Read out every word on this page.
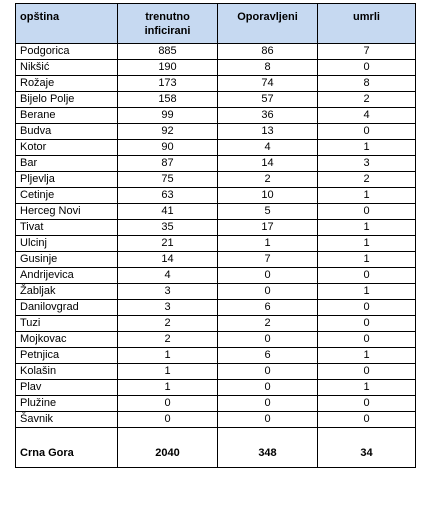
opština	trenutno inficirani	Oporavljeni	umrli
Podgorica	885	86	7
Nikšić	190	8	0
Rožaje	173	74	8
Bijelo Polje	158	57	2
Berane	99	36	4
Budva	92	13	0
Kotor	90	4	1
Bar	87	14	3
Pljevlja	75	2	2
Cetinje	63	10	1
Herceg Novi	41	5	0
Tivat	35	17	1
Ulcinj	21	1	1
Gusinje	14	7	1
Andrijevica	4	0	0
Žabljak	3	0	1
Danilovgrad	3	6	0
Tuzi	2	2	0
Mojkovac	2	0	0
Petnjica	1	6	1
Kolašin	1	0	0
Plav	1	0	1
Plužine	0	0	0
Šavnik	0	0	0

Crna Gora	2040	348	34
